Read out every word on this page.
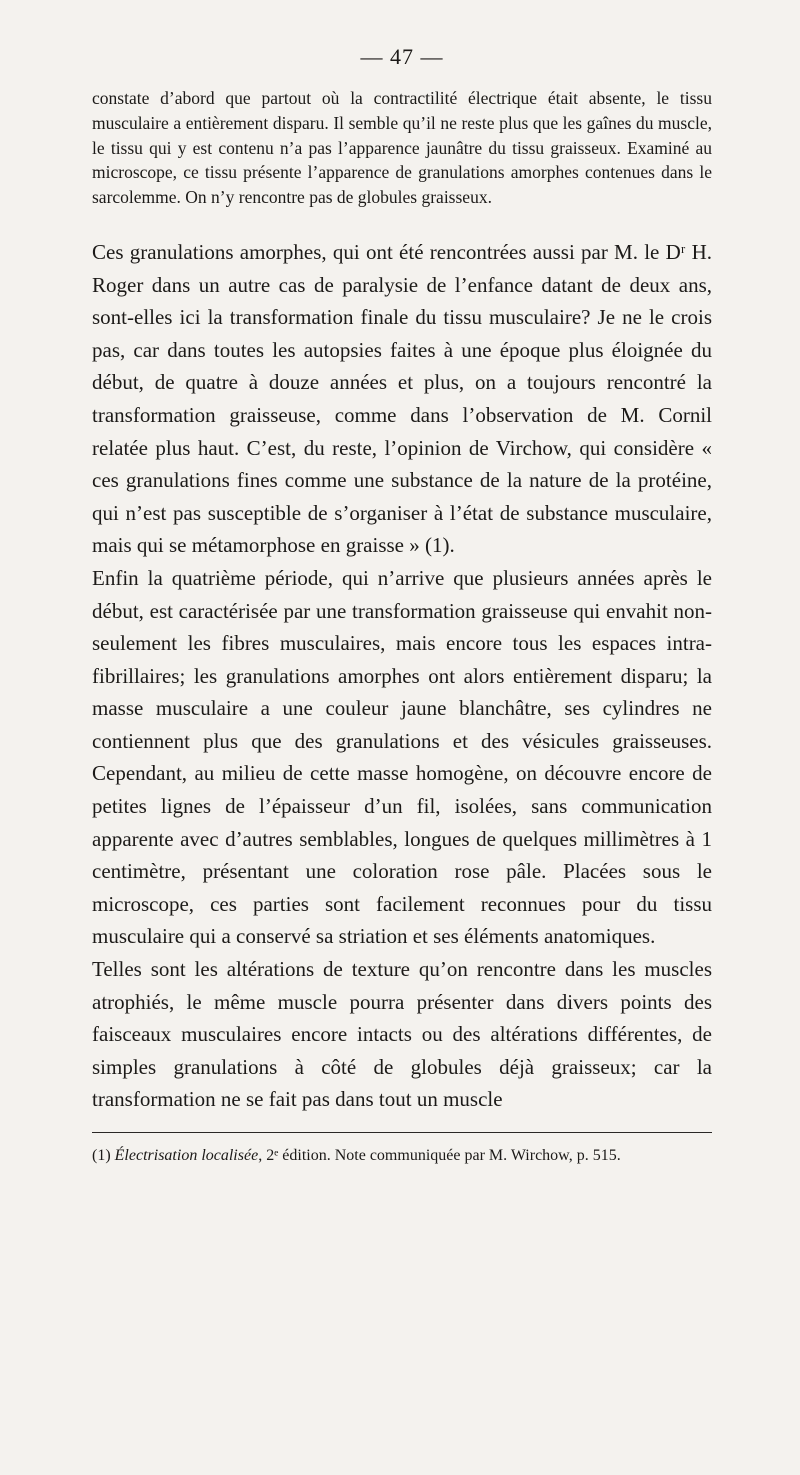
— 47 —

constate d’abord que partout où la contractilité électrique était absente, le tissu musculaire a entièrement disparu. Il semble qu’il ne reste plus que les gaînes du muscle, le tissu qui y est contenu n’a pas l’apparence jaunâtre du tissu graisseux. Examiné au microscope, ce tissu présente l’apparence de granulations amorphes contenues dans le sarcolemme. On n’y rencontre pas de globules graisseux.

Ces granulations amorphes, qui ont été rencontrées aussi par M. le Dʳ H. Roger dans un autre cas de paralysie de l’enfance datant de deux ans, sont-elles ici la transformation finale du tissu musculaire? Je ne le crois pas, car dans toutes les autopsies faites à une époque plus éloignée du début, de quatre à douze années et plus, on a toujours rencontré la transformation graisseuse, comme dans l’observation de M. Cornil relatée plus haut. C’est, du reste, l’opinion de Virchow, qui considère « ces granulations fines comme une substance de la nature de la protéine, qui n’est pas susceptible de s’organiser à l’état de substance musculaire, mais qui se métamorphose en graisse » (1).

Enfin la quatrième période, qui n’arrive que plusieurs années après le début, est caractérisée par une transformation graisseuse qui envahit non-seulement les fibres musculaires, mais encore tous les espaces intra-fibrillaires; les granulations amorphes ont alors entièrement disparu; la masse musculaire a une couleur jaune blanchâtre, ses cylindres ne contiennent plus que des granulations et des vésicules graisseuses. Cependant, au milieu de cette masse homogène, on découvre encore de petites lignes de l’épaisseur d’un fil, isolées, sans communication apparente avec d’autres semblables, longues de quelques millimètres à 1 centimètre, présentant une coloration rose pâle. Placées sous le microscope, ces parties sont facilement reconnues pour du tissu musculaire qui a conservé sa striation et ses éléments anatomiques.

Telles sont les altérations de texture qu’on rencontre dans les muscles atrophiés, le même muscle pourra présenter dans divers points des faisceaux musculaires encore intacts ou des altérations différentes, de simples granulations à côté de globules déjà graisseux; car la transformation ne se fait pas dans tout un muscle

(1) Électrisation localisée, 2ᵉ édition. Note communiquée par M. Wirchow, p. 515.
